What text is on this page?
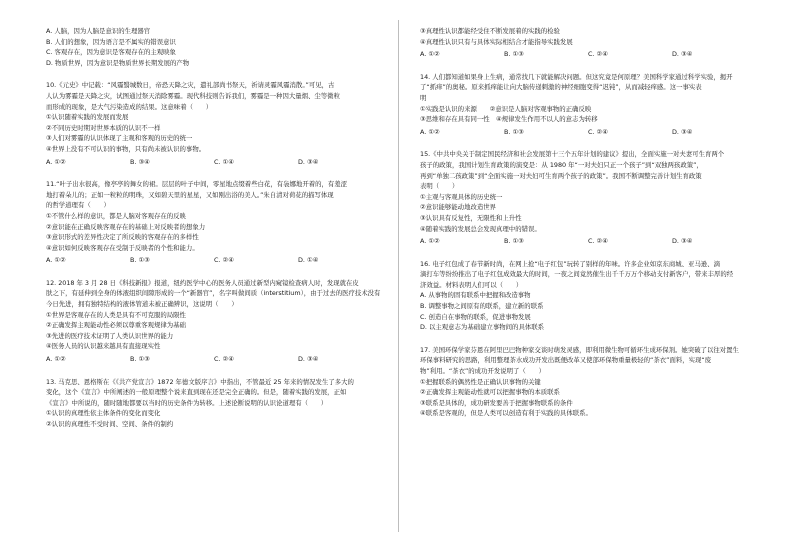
A. 人脑，因为人脑是意识的生理器官
B. 人们的想象，因为语言是不属实的错误意识
C. 客观存在，因为意识是客观存在的主观映象
D. 物质世界，因为意识是物质世界长期发展的产物
10.《元史》中记载：“风霾翳城数日，帝恐天降之灾，遣礼部尚书祭天，祈请灵霾风霾消散。”可见，古
人认为雾霾是天降之灾，试图通过祭天消除雾霾。现代科技则告诉我们，雾霾是一种因大量烟、尘等微粒
而形成的现象，是大气污染造成的结果。这意味着（　　）
①认识随着实践的发展而发展
②不同历史时期对世界本质的认识不一样
③人们对雾霾的认识体现了主观和客观的历史的统一
④世界上没有不可认识的事物，只有尚未被认识的事物。
A. ①②	B. ③④	C. ①④	D. ③④
11.“叶子出水很高，像亭亭的舞女的裙。层层的叶子中间，零星地点缀着些白花，有袅娜地开着的，有羞涩
地打着朵儿的；正如一粒粒的明珠，又如碧天里的星星，又如刚出浴的美人。”朱自清对荷花的描写体现
的哲学道理有（　　）
①不管什么样的意识，都是人脑对客观存在的反映
②意识能在正确反映客观存在的基础上对反映者的想象力
③意识形式的差异性决定了所反映的客观存在的多样性
④意识如何反映客观存在受制于反映者的个性和能力。
A. ①②	B. ①③	C. ②④	D. ①④
12. 2018 年 3 月 28 日《科技新报》报道，纽约医学中心的医务人员通过新型内窥镜检查病人时，发现就在皮
肤之下，有延伸到全身的体液组织间隙形成的一个“新器官”，名字叫做间质（interstitium），由于过去的医疗技术没有
今日先进，拥有独特结构的液体管道未被正确辨识，这说明（　　）
①世界是客观存在的人类是具有不可克服的局限性
②正确发挥主观能动性必须以尊重客观规律为基础
③先进的医疗技术证明了人类认识世界的能力
④医务人员的认识越来越具有直接现实性
A. ①②	B. ①③	C. ②④	D. ③④
13. 马克思、恩格斯在《《共产党宣言》1872 年德文版序言》中指出，不管最近 25 年来的情况发生了多大的
变化，这个《宣言》中所阐述的一般原理整个说来直到现在还是完全正确的。但是，随着实践的发展，正如
《宣言》中所说的，随时随地都要以当时的历史条件为转移。上述论断说明的认识论道理有（　　）
①认识的真理性依主体条件的变化而变化
②认识的真理性不受时间、空间、条件的制约
③真理性认识都能经受住不断发展着的实践的检验
④真理性认识只有与具体实际相结合才能指导实践发展
A. ①②	B. ①③	C. ②④	D. ③④
14. 人们都知道如果身上生病，通常找几下就能解决问题。但这究竟是何原理？美国科学家通过科学实验，揭开
了“抓痒”的奥秘。原来抓痒能让向大脑传递刺激的神经细胞变得“迟钝”，从而减轻痒感。这一事实表
明
①实践是认识的来源　　②意识是人脑对客观事物的正确反映
③思维和存在具有同一性　④规律发生作用不以人的意志为转移
A. ①②	B. ①③	C. ②④	D. ③④
15.《中共中央关于制定国民经济和社会发展第十三个五年计划的建议》提出，全面实施一对夫妻可生育两个
孩子的政策，我国计划生育政策的演变是：从 1980 年“一对夫妇只正一个孩子”到“双独两孩政策”，
再到“单独二孩政策”到“全面实施一对夫妇可生育两个孩子的政策”。我国不断调整完善计划生育政策
表明（　　）
①主观与客观具体的历史统一
②意识能够能动地改造世界
③认识具有反复性，无限性和上升性
④随着实践的发展总会发现真理中的错误。
A. ①②	B. ①③	C. ②④	D. ③④
16. 电子红包成了春节新时尚，在网上抢“电子红包”玩转了别样的年味。许多企业如京东商城、亚马逊、滴
滴打车等纷纷推出了电子红包成效最大的时间，一夜之间竟然催生出千千万万个移动支付新客户，带来丰厚的经
济效益。材料表明人们可以（　　）
A. 从事物的固有联系中把握和改造事物
B. 调整事物之间原有的联系，建立新的联系
C. 创造自在事物的联系，促进事物发展
D. 以主观意志为基础建立事物间的具体联系
17. 美国环保学家芬恩在阿里巴巴物种家交谈时萌发灵感，即利用微生物可循环生成环保剂。她突破了以往对置生
环保事料研究的思路，利用整理茶水成功开发出既便改革又使部环保物重量极轻的“茶衣”面料，实现“废
物”利用。“茶衣”的成功开发说明了（　　）
①把握联系的偶然性是正确认识事物的关键
②正确发挥主观能动性就可以把握事物的本质联系
③联系是具体的，成功研发要善于把握事物联系的条件
④联系是客观的，但是人类可以创造有利于实践的具体联系。
